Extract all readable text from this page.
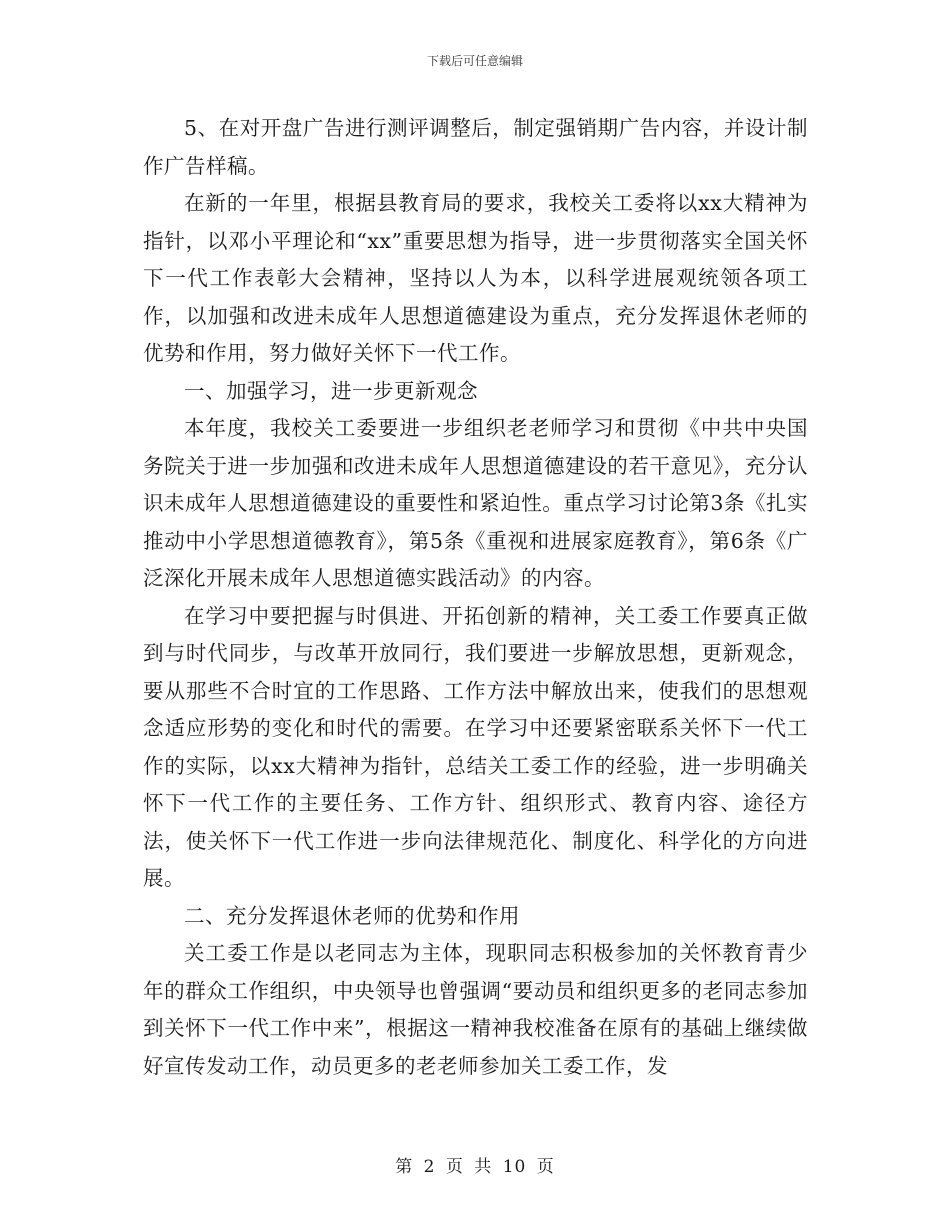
下载后可任意编辑

5、在对开盘广告进行测评调整后，制定强销期广告内容，并设计制作广告样稿。

在新的一年里，根据县教育局的要求，我校关工委将以xx大精神为指针，以邓小平理论和“xx”重要思想为指导，进一步贯彻落实全国关怀下一代工作表彰大会精神，坚持以人为本，以科学进展观统领各项工作，以加强和改进未成年人思想道德建设为重点，充分发挥退休老师的优势和作用，努力做好关怀下一代工作。

一、加强学习，进一步更新观念

本年度，我校关工委要进一步组织老老师学习和贯彻《中共中央国务院关于进一步加强和改进未成年人思想道德建设的若干意见》，充分认识未成年人思想道德建设的重要性和紧迫性。重点学习讨论第3条《扎实推动中小学思想道德教育》，第5条《重视和进展家庭教育》，第6条《广泛深化开展未成年人思想道德实践活动》的内容。

在学习中要把握与时俱进、开拓创新的精神，关工委工作要真正做到与时代同步，与改革开放同行，我们要进一步解放思想，更新观念，要从那些不合时宜的工作思路、工作方法中解放出来，使我们的思想观念适应形势的变化和时代的需要。在学习中还要紧密联系关怀下一代工作的实际，以xx大精神为指针，总结关工委工作的经验，进一步明确关怀下一代工作的主要任务、工作方针、组织形式、教育内容、途径方法，使关怀下一代工作进一步向法律规范化、制度化、科学化的方向进展。

二、充分发挥退休老师的优势和作用

关工委工作是以老同志为主体，现职同志积极参加的关怀教育青少年的群众工作组织，中央领导也曾强调“要动员和组织更多的老同志参加到关怀下一代工作中来”，根据这一精神我校准备在原有的基础上继续做好宣传发动工作，动员更多的老老师参加关工委工作，发

第 2 页 共 10 页
